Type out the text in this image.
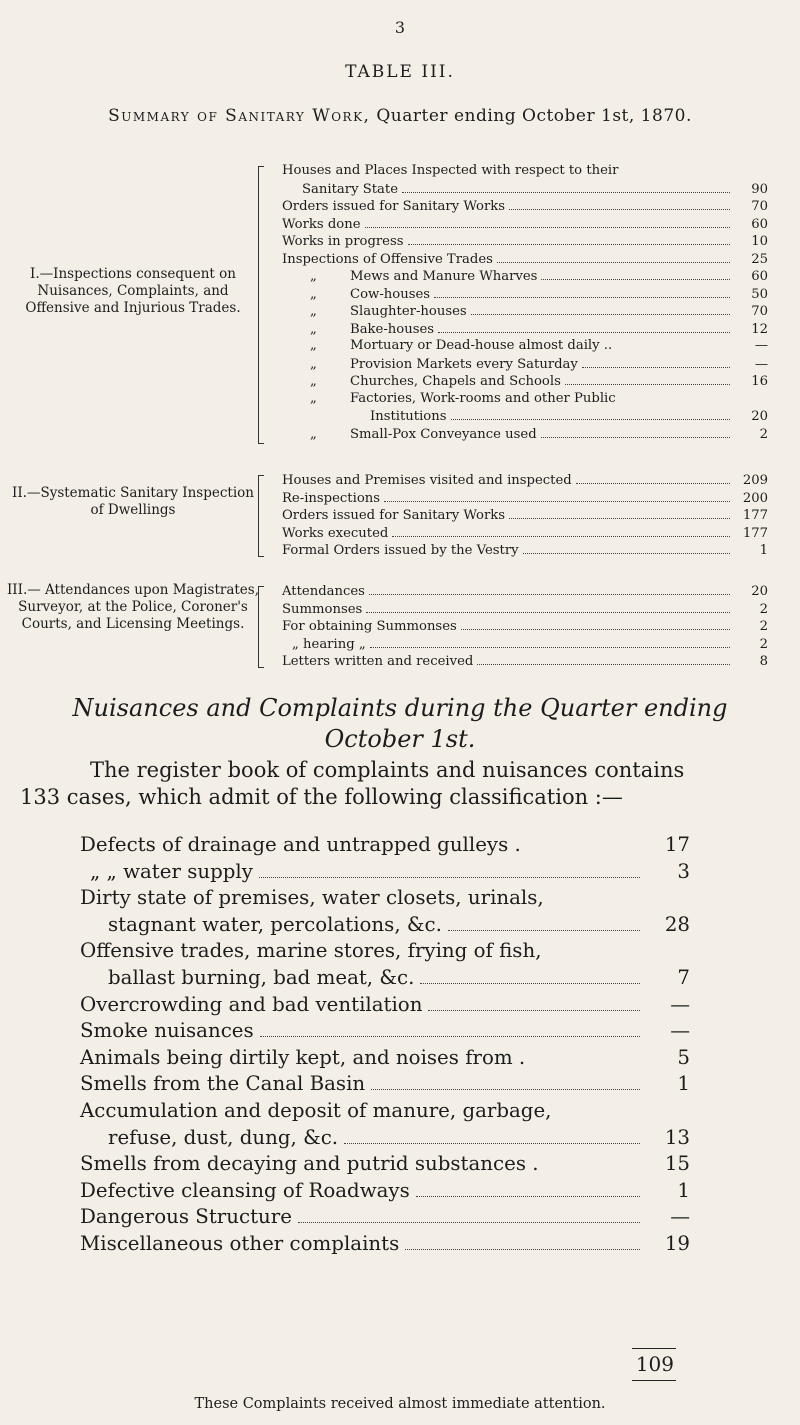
3
TABLE III.
Summary of Sanitary Work, Quarter ending October 1st, 1870.
I.—Inspections consequent on Nuisances, Complaints, and Offensive and Injurious Trades.
Houses and Places Inspected with respect to their
Sanitary State	90
Orders issued for Sanitary Works	70
Works done	60
Works in progress	10
Inspections of Offensive Trades	25
„	Mews and Manure Wharves	60
„	Cow-houses	50
„	Slaughter-houses	70
„	Bake-houses	12
„	Mortuary or Dead-house almost daily ..	—
„	Provision Markets every Saturday	—
„	Churches, Chapels and Schools	16
„	Factories, Work-rooms and other Public
Institutions	20
„	Small-Pox Conveyance used	2
II.—Systematic Sanitary Inspection of Dwellings
Houses and Premises visited and inspected	209
Re-inspections	200
Orders issued for Sanitary Works	177
Works executed	177
Formal Orders issued by the Vestry	1
III.— Attendances upon Magistrates, Surveyor, at the Police, Coroner's Courts, and Licensing Meetings.
Attendances	20
Summonses	2
For obtaining Summonses	2
„ hearing „	2
Letters written and received	8
Nuisances and Complaints during the Quarter ending
October 1st.
The register book of complaints and nuisances contains
133 cases, which admit of the following classification :—
Defects of drainage and untrapped gulleys .	17
„ „ water supply	3
Dirty state of premises, water closets, urinals,
stagnant water, percolations, &c.	28
Offensive trades, marine stores, frying of fish,
ballast burning, bad meat, &c.	7
Overcrowding and bad ventilation	—
Smoke nuisances	—
Animals being dirtily kept, and noises from .	5
Smells from the Canal Basin	1
Accumulation and deposit of manure, garbage,
refuse, dust, dung, &c.	13
Smells from decaying and putrid substances .	15
Defective cleansing of Roadways	1
Dangerous Structure	—
Miscellaneous other complaints	19
109
These Complaints received almost immediate attention.
